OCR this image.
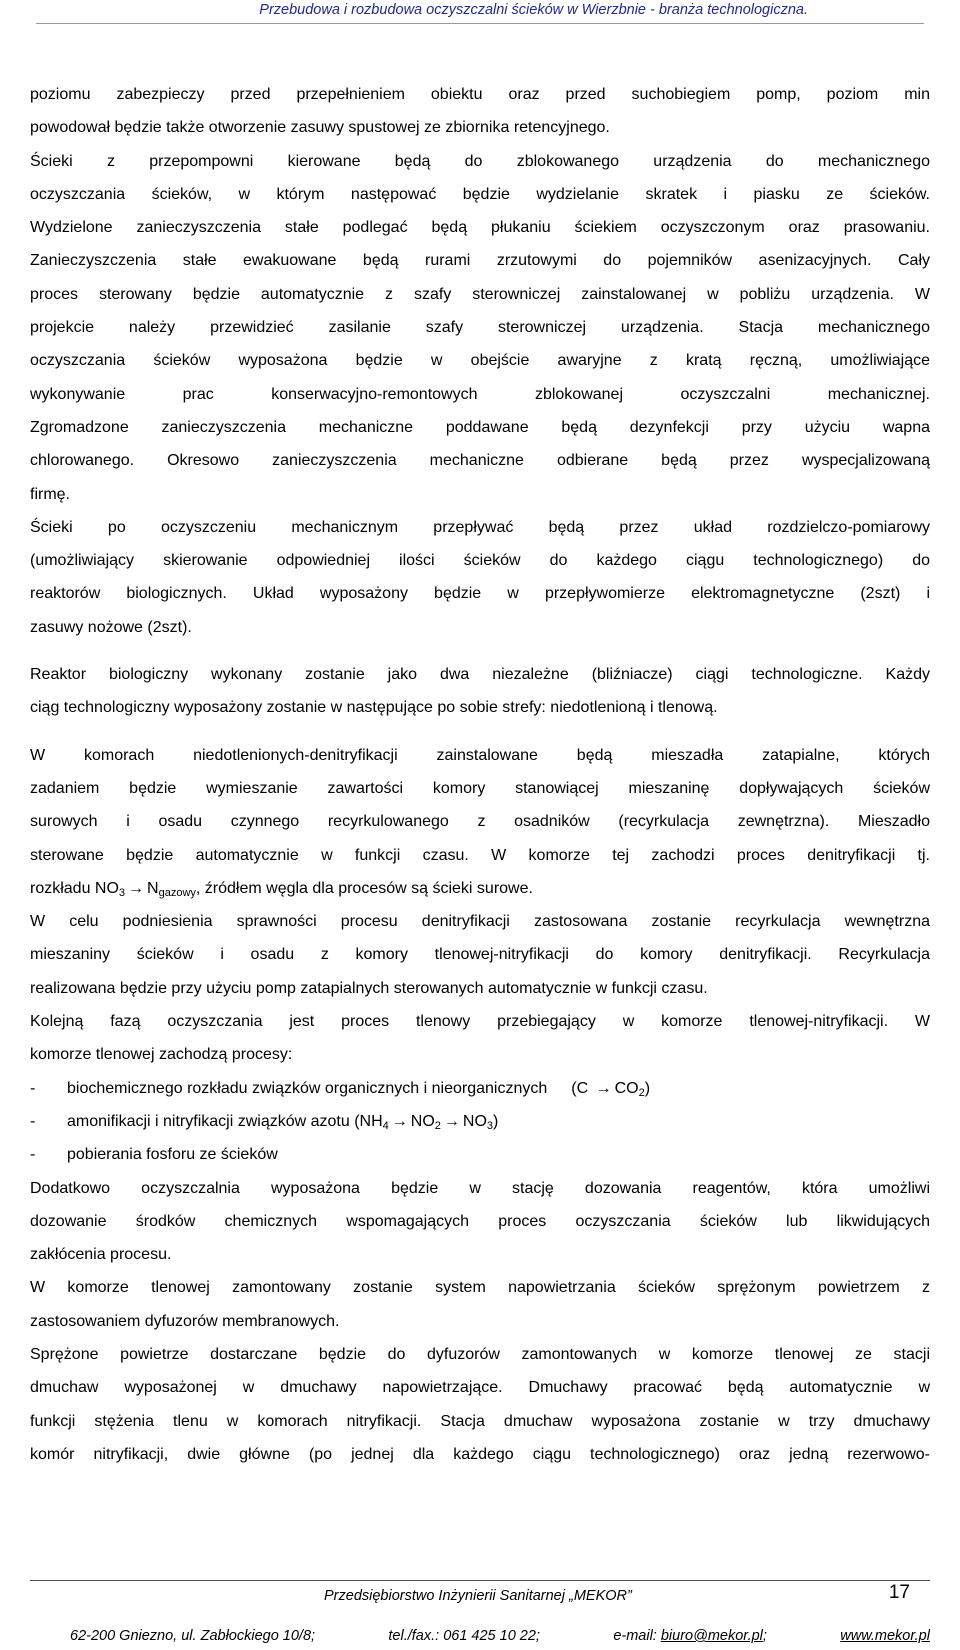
Przebudowa i rozbudowa oczyszczalni ścieków w Wierzbnie - branża technologiczna.
poziomu zabezpieczy przed przepełnieniem obiektu oraz przed suchobiegiem pomp, poziom min
powodował będzie także otworzenie zasuwy spustowej ze zbiornika retencyjnego.
Ścieki z przepompowni kierowane będą do zblokowanego urządzenia do mechanicznego
oczyszczania ścieków, w którym następować będzie wydzielanie skratek i piasku ze ścieków.
Wydzielone zanieczyszczenia stałe podlegać będą płukaniu ściekiem oczyszczonym oraz prasowaniu.
Zanieczyszczenia stałe ewakuowane będą rurami zrzutowymi do pojemników asenizacyjnych. Cały
proces sterowany będzie automatycznie z szafy sterowniczej zainstalowanej w pobliżu urządzenia. W
projekcie należy przewidzieć zasilanie szafy sterowniczej urządzenia. Stacja mechanicznego
oczyszczania ścieków wyposażona będzie w obejście awaryjne z kratą ręczną, umożliwiające
wykonywanie prac konserwacyjno-remontowych zblokowanej oczyszczalni mechanicznej.
Zgromadzone zanieczyszczenia mechaniczne poddawane będą dezynfekcji przy użyciu wapna
chlorowanego. Okresowo zanieczyszczenia mechaniczne odbierane będą przez wyspecjalizowaną
firmę.
Ścieki po oczyszczeniu mechanicznym przepływać będą przez układ rozdzielczo-pomiarowy
(umożliwiający skierowanie odpowiedniej ilości ścieków do każdego ciągu technologicznego) do
reaktorów biologicznych. Układ wyposażony będzie w przepływomierze elektromagnetyczne (2szt) i
zasuwy nożowe (2szt).
Reaktor biologiczny wykonany zostanie jako dwa niezależne (bliźniacze) ciągi technologiczne. Każdy
ciąg technologiczny wyposażony zostanie w następujące po sobie strefy: niedotlenioną i tlenową.
W komorach niedotlenionych-denitryfikacji zainstalowane będą mieszadła zatapialne, których
zadaniem będzie wymieszanie zawartości komory stanowiącej mieszaninę dopływających ścieków
surowych i osadu czynnego recyrkulowanego z osadników (recyrkulacja zewnętrzna). Mieszadło
sterowane będzie automatycznie w funkcji czasu. W komorze tej zachodzi proces denitryfikacji tj.
rozkładu $NO_3 \to N_{gazowy}$, źródłem węgla dla procesów są ścieki surowe.
W celu podniesienia sprawności procesu denitryfikacji zastosowana zostanie recyrkulacja wewnętrzna
mieszaniny ścieków i osadu z komory tlenowej-nitryfikacji do komory denitryfikacji. Recyrkulacja
realizowana będzie przy użyciu pomp zatapialnych sterowanych automatycznie w funkcji czasu.
Kolejną fazą oczyszczania jest proces tlenowy przebiegający w komorze tlenowej-nitryfikacji. W
komorze tlenowej zachodzą procesy:
- biochemicznego rozkładu związków organicznych i nieorganicznych $(C \to CO_2)$
- amonifikacji i nitryfikacji związków azotu $(NH_4 \to NO_2 \to NO_3)$
- pobierania fosforu ze ścieków
Dodatkowo oczyszczalnia wyposażona będzie w stację dozowania reagentów, która umożliwi
dozowanie środków chemicznych wspomagających proces oczyszczania ścieków lub likwidujących
zakłócenia procesu.
W komorze tlenowej zamontowany zostanie system napowietrzania ścieków sprężonym powietrzem z
zastosowaniem dyfuzorów membranowych.
Sprężone powietrze dostarczane będzie do dyfuzorów zamontowanych w komorze tlenowej ze stacji
dmuchaw wyposażonej w dmuchawy napowietrzające. Dmuchawy pracować będą automatycznie w
funkcji stężenia tlenu w komorach nitryfikacji. Stacja dmuchaw wyposażona zostanie w trzy dmuchawy
komór nitryfikacji, dwie główne (po jednej dla każdego ciągu technologicznego) oraz jedną rezerwowo-
Przedsiębiorstwo Inżynierii Sanitarnej „MEKOR”	17
62-200 Gniezno, ul. Zabłockiego 10/8;	tel./fax.: 061 425 10 22;	e-mail: biuro@mekor.pl;	www.mekor.pl
